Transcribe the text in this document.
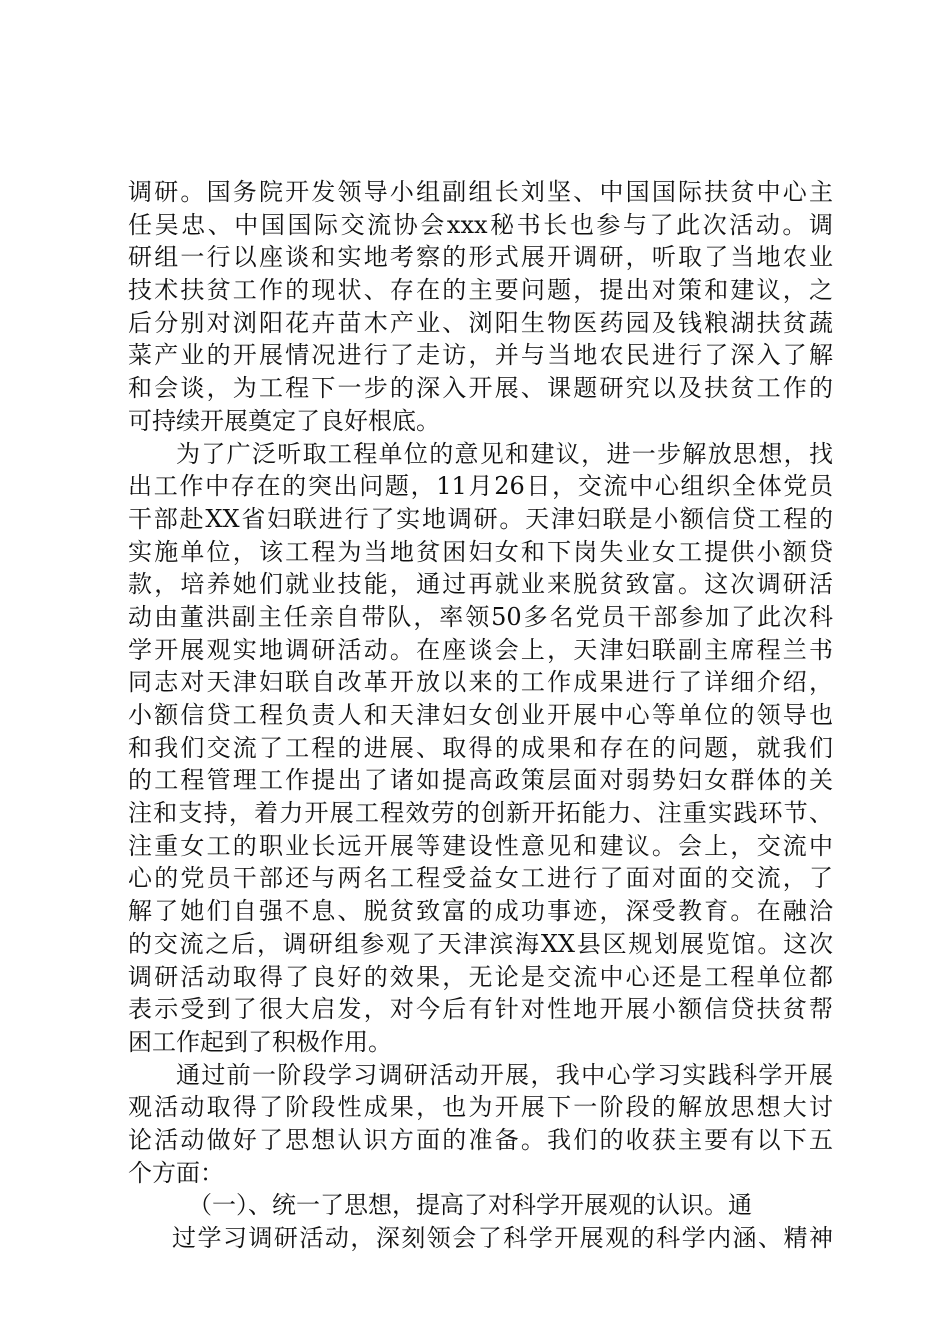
调研。国务院开发领导小组副组长刘坚、中国国际扶贫中心主
任吴忠、中国国际交流协会xxx秘书长也参与了此次活动。调
研组一行以座谈和实地考察的形式展开调研，听取了当地农业
技术扶贫工作的现状、存在的主要问题，提出对策和建议，之
后分别对浏阳花卉苗木产业、浏阳生物医药园及钱粮湖扶贫蔬
菜产业的开展情况进行了走访，并与当地农民进行了深入了解
和会谈，为工程下一步的深入开展、课题研究以及扶贫工作的
可持续开展奠定了良好根底。
为了广泛听取工程单位的意见和建议，进一步解放思想，找
出工作中存在的突出问题，11月26日，交流中心组织全体党员
干部赴XX省妇联进行了实地调研。天津妇联是小额信贷工程的
实施单位，该工程为当地贫困妇女和下岗失业女工提供小额贷
款，培养她们就业技能，通过再就业来脱贫致富。这次调研活
动由董洪副主任亲自带队，率领50多名党员干部参加了此次科
学开展观实地调研活动。在座谈会上，天津妇联副主席程兰书
同志对天津妇联自改革开放以来的工作成果进行了详细介绍，
小额信贷工程负责人和天津妇女创业开展中心等单位的领导也
和我们交流了工程的进展、取得的成果和存在的问题，就我们
的工程管理工作提出了诸如提高政策层面对弱势妇女群体的关
注和支持，着力开展工程效劳的创新开拓能力、注重实践环节、
注重女工的职业长远开展等建设性意见和建议。会上，交流中
心的党员干部还与两名工程受益女工进行了面对面的交流，了
解了她们自强不息、脱贫致富的成功事迹，深受教育。在融洽
的交流之后，调研组参观了天津滨海XX县区规划展览馆。这次
调研活动取得了良好的效果，无论是交流中心还是工程单位都
表示受到了很大启发，对今后有针对性地开展小额信贷扶贫帮
困工作起到了积极作用。
通过前一阶段学习调研活动开展，我中心学习实践科学开展
观活动取得了阶段性成果，也为开展下一阶段的解放思想大讨
论活动做好了思想认识方面的准备。我们的收获主要有以下五
个方面：
（一）、统一了思想，提高了对科学开展观的认识。通
过学习调研活动，深刻领会了科学开展观的科学内涵、精神
